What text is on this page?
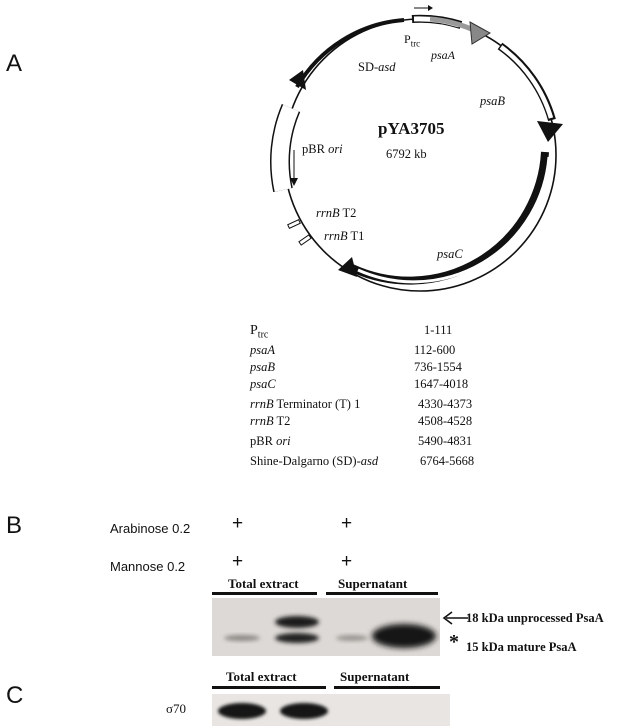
A
B
C
$P_{trc}$
psaA
SD-asd
psaB
pYA3705
6792 kb
pBR ori
rrnB T2
rrnB T1
psaC
$P_{trc}$	1-111
psaA	112-600
psaB	736-1554
psaC	1647-4018
rrnB Terminator (T) 1	4330-4373
rrnB T2	4508-4528
pBR ori	5490-4831
Shine-Dalgarno (SD)-asd	6764-5668
Arabinose 0.2 +	+
Mannose 0.2 +	+
Total extract	Supernatant
18 kDa unprocessed PsaA
* 15 kDa mature PsaA
Total extract	Supernatant
σ70
